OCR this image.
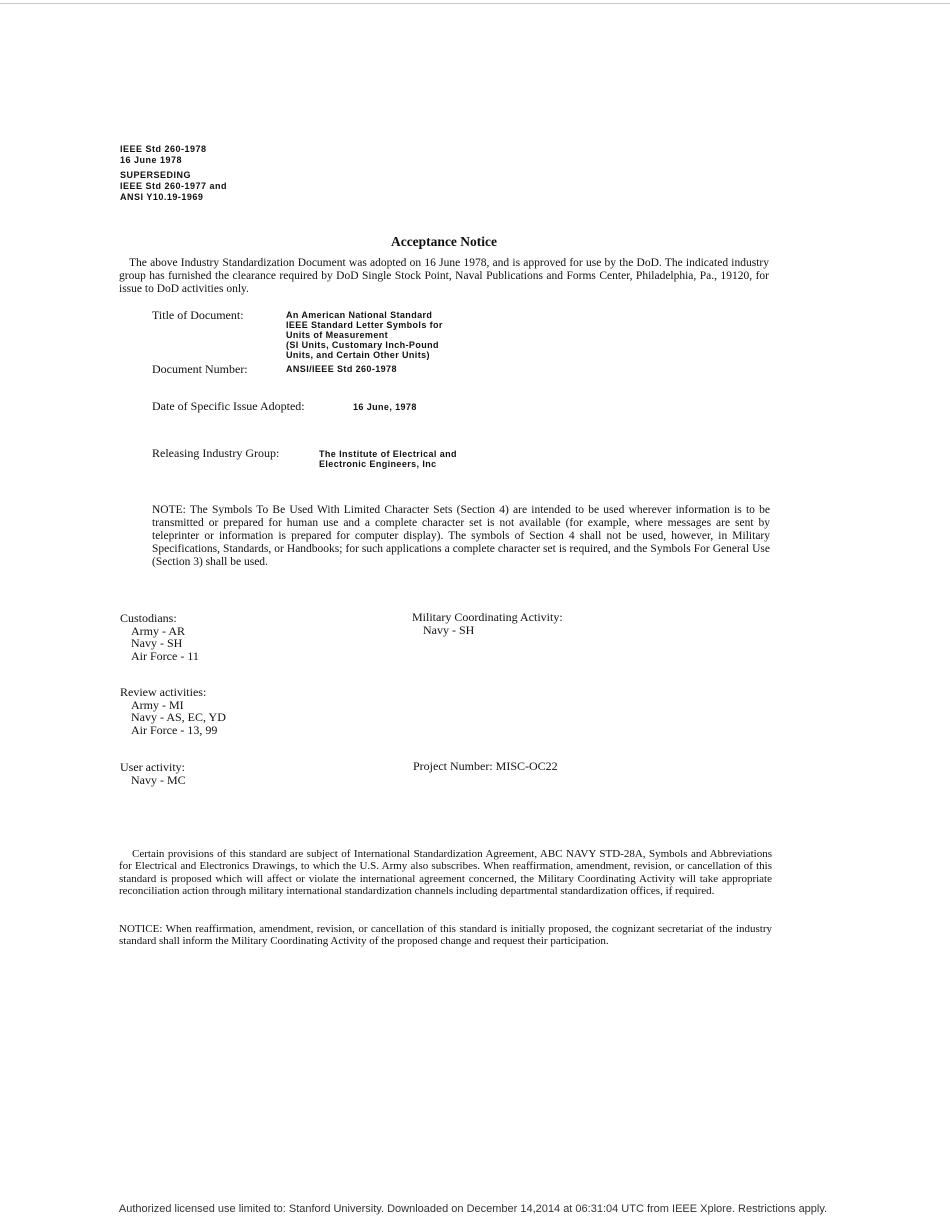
IEEE Std 260-1978
16 June 1978
SUPERSEDING
IEEE Std 260-1977 and
ANSI Y10.19-1969
Acceptance Notice
The above Industry Standardization Document was adopted on 16 June 1978, and is approved for use by the DoD. The indicated industry group has furnished the clearance required by DoD Single Stock Point, Naval Publications and Forms Center, Philadelphia, Pa., 19120, for issue to DoD activities only.
Title of Document:	An American National Standard
IEEE Standard Letter Symbols for
Units of Measurement
(SI Units, Customary Inch-Pound
Units, and Certain Other Units)
Document Number:	ANSI/IEEE Std 260-1978
Date of Specific Issue Adopted:	16 June, 1978
Releasing Industry Group:	The Institute of Electrical and
Electronic Engineers, Inc
NOTE: The Symbols To Be Used With Limited Character Sets (Section 4) are intended to be used wherever information is to be transmitted or prepared for human use and a complete character set is not available (for example, where messages are sent by teleprinter or information is prepared for computer display). The symbols of Section 4 shall not be used, however, in Military Specifications, Standards, or Handbooks; for such applications a complete character set is required, and the Symbols For General Use (Section 3) shall be used.
Custodians:
Army - AR
Navy - SH
Air Force - 11
Military Coordinating Activity:
Navy - SH
Review activities:
Army - MI
Navy - AS, EC, YD
Air Force - 13, 99
User activity:
Navy - MC
Project Number: MISC-OC22
Certain provisions of this standard are subject of International Standardization Agreement, ABC NAVY STD-28A, Symbols and Abbreviations for Electrical and Electronics Drawings, to which the U.S. Army also subscribes. When reaffirmation, amendment, revision, or cancellation of this standard is proposed which will affect or violate the international agreement concerned, the Military Coordinating Activity will take appropriate reconciliation action through military international standardization channels including departmental standardization offices, if required.
NOTICE: When reaffirmation, amendment, revision, or cancellation of this standard is initially proposed, the cognizant secretariat of the industry standard shall inform the Military Coordinating Activity of the proposed change and request their participation.
Authorized licensed use limited to: Stanford University. Downloaded on December 14,2014 at 06:31:04 UTC from IEEE Xplore. Restrictions apply.
